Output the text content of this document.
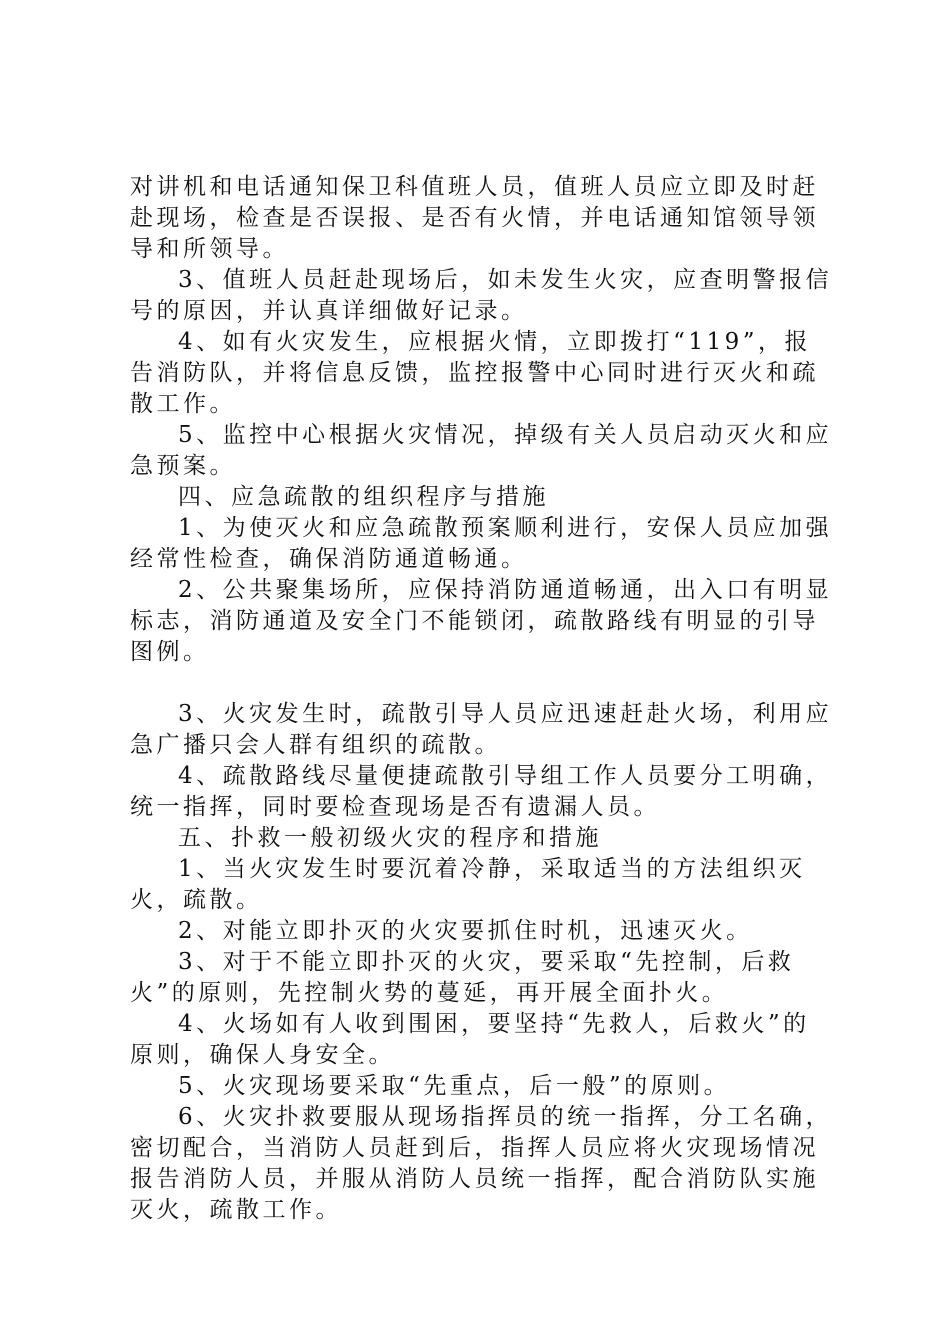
对讲机和电话通知保卫科值班人员，值班人员应立即及时赶赴现场，检查是否误报、是否有火情，并电话通知馆领导领导和所领导。

3、值班人员赶赴现场后，如未发生火灾，应查明警报信号的原因，并认真详细做好记录。

4、如有火灾发生，应根据火情，立即拨打“119”，报告消防队，并将信息反馈，监控报警中心同时进行灭火和疏散工作。

5、监控中心根据火灾情况，掉级有关人员启动灭火和应急预案。

四、应急疏散的组织程序与措施

1、为使灭火和应急疏散预案顺利进行，安保人员应加强经常性检查，确保消防通道畅通。

2、公共聚集场所，应保持消防通道畅通，出入口有明显标志，消防通道及安全门不能锁闭，疏散路线有明显的引导图例。

3、火灾发生时，疏散引导人员应迅速赶赴火场，利用应急广播只会人群有组织的疏散。

4、疏散路线尽量便捷疏散引导组工作人员要分工明确，统一指挥，同时要检查现场是否有遗漏人员。

五、扑救一般初级火灾的程序和措施

1、当火灾发生时要沉着冷静，采取适当的方法组织灭火，疏散。

2、对能立即扑灭的火灾要抓住时机，迅速灭火。

3、对于不能立即扑灭的火灾，要采取“先控制，后救火”的原则，先控制火势的蔓延，再开展全面扑火。

4、火场如有人收到围困，要坚持“先救人，后救火”的原则，确保人身安全。

5、火灾现场要采取“先重点，后一般”的原则。

6、火灾扑救要服从现场指挥员的统一指挥，分工名确，密切配合，当消防人员赶到后，指挥人员应将火灾现场情况报告消防人员，并服从消防人员统一指挥，配合消防队实施灭火，疏散工作。
